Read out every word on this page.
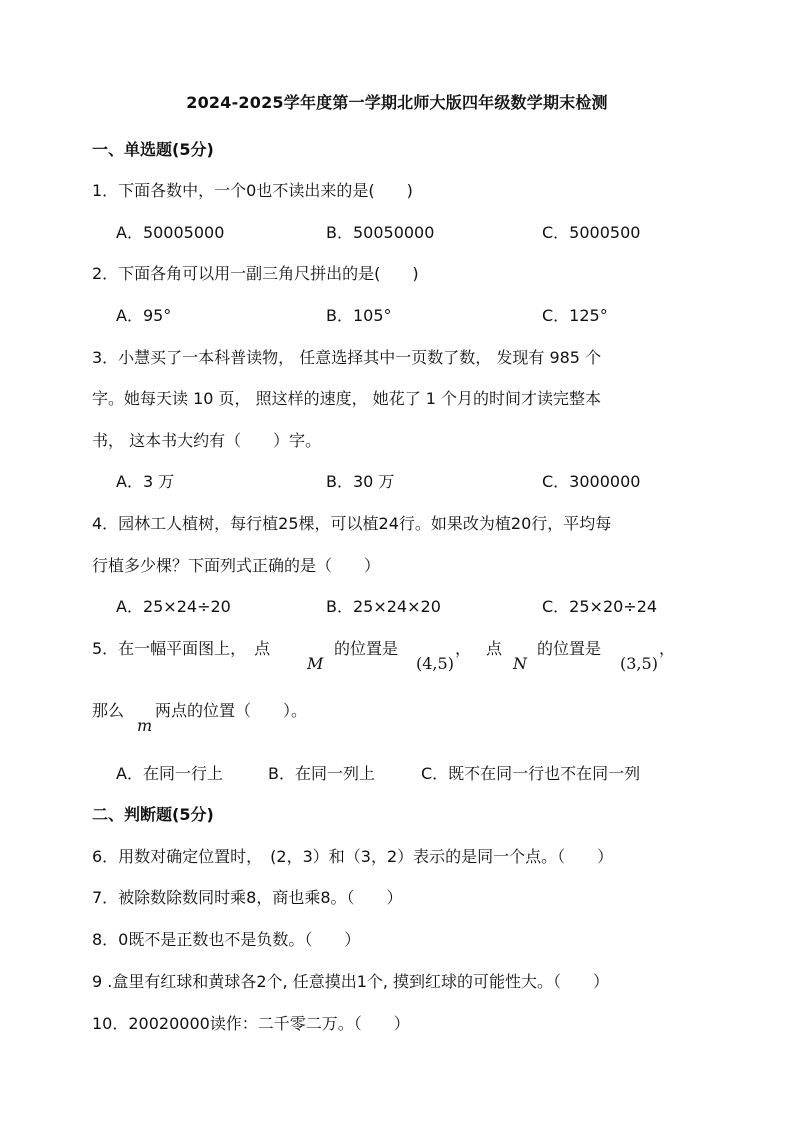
2024-2025学年度第一学期北师大版四年级数学期末检测
一、单选题(5分)
1．下面各数中，一个0也不读出来的是(　　)
A．50005000	B．50050000	C．5000500
2．下面各角可以用一副三角尺拼出的是(　　)
A．95°	B．105°	C．125°
3．小慧买了一本科普读物， 任意选择其中一页数了数， 发现有 985 个
字。她每天读 10 页， 照这样的速度， 她花了 1 个月的时间才读完整本
书， 这本书大约有（　　）字。
A．3 万	B．30 万	C．3000000
4．园林工人植树，每行植25棵，可以植24行。如果改为植20行，平均每
行植多少棵？下面列式正确的是（　　）
A．25×24÷20	B．25×24×20	C．25×20÷24
5．在一幅平面图上，　点
M
的位置是
(4,5)
， 点
N
的位置是
(3,5)
，
那么
m
两点的位置（　　）。
A．在同一行上	B．在同一列上	C．既不在同一行也不在同一列
二、判断题(5分)
6．用数对确定位置时，　(2，3）和（3，2）表示的是同一个点。（　　）
7．被除数除数同时乘8，商也乘8。（　　）
8．0既不是正数也不是负数。（　　）
9 .盒里有红球和黄球各2个, 任意摸出1个, 摸到红球的可能性大。（　　）
10．20020000读作：二千零二万。（　　）
